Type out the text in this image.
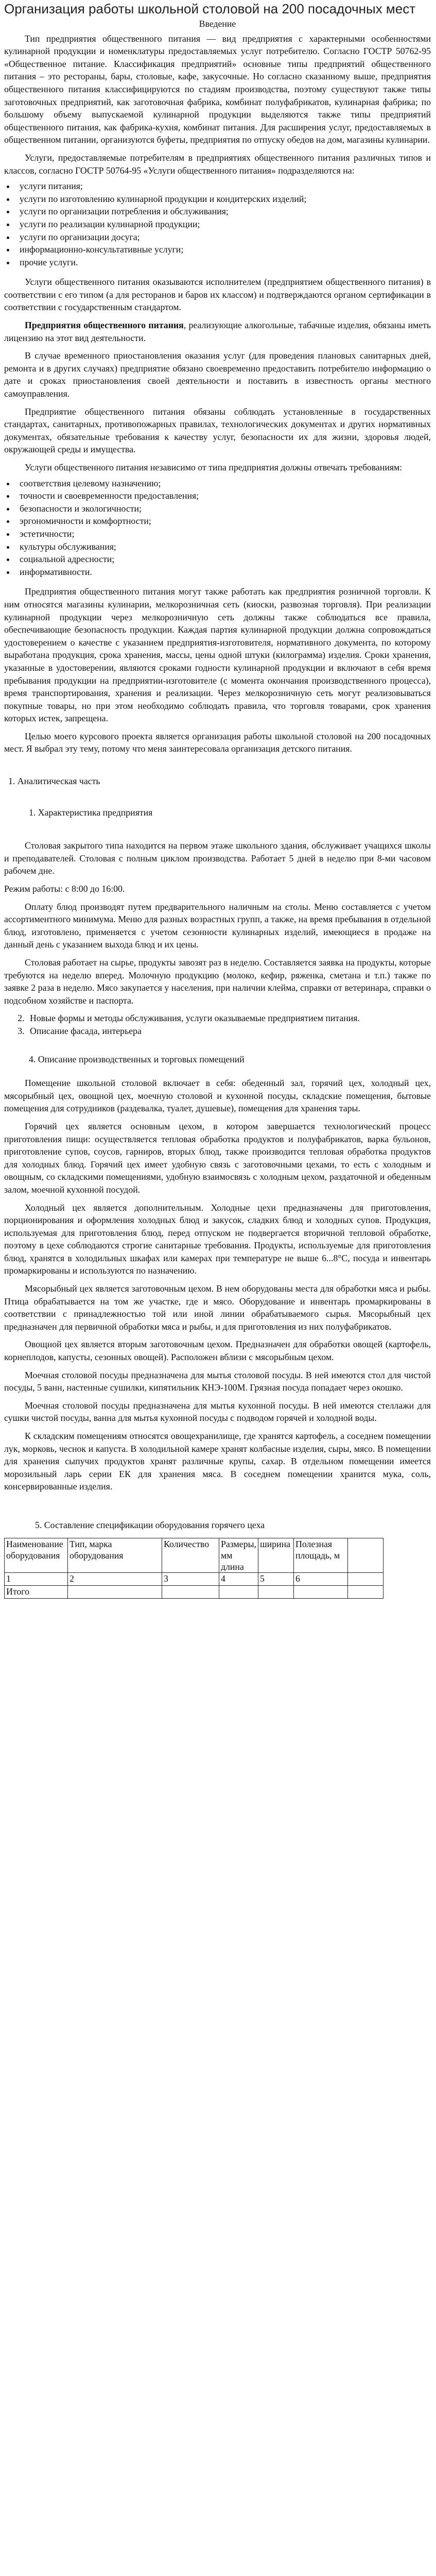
Организация работы школьной столовой на 200 посадочных мест
Введение

Тип предприятия общественного питания — вид предприятия с характерными особенностями кулинарной продукции и номенклатуры предоставляемых услуг потребителю. Согласно ГОСТР 50762-95 «Общественное питание. Классификация предприятий» основные типы предприятий общественного питания – это рестораны, бары, столовые, кафе, закусочные. Но согласно сказанному выше, предприятия общественного питания классифицируются по стадиям производства, поэтому существуют также типы заготовочных предприятий, как заготовочная фабрика, комбинат полуфабрикатов, кулинарная фабрика; по большому объему выпускаемой кулинарной продукции выделяются также типы предприятий общественного питания, как фабрика-кухня, комбинат питания. Для расширения услуг, предоставляемых в общественном питании, организуются буфеты, предприятия по отпуску обедов на дом, магазины кулинарии.

Услуги, предоставляемые потребителям в предприятиях общественного питания различных типов и классов, согласно ГОСТР 50764-95 «Услуги общественного питания» подразделяются на:

• услуги питания;
• услуги по изготовлению кулинарной продукции и кондитерских изделий;
• услуги по организации потребления и обслуживания;
• услуги по реализации кулинарной продукции;
• услуги по организации досуга;
• информационно-консультативные услуги;
• прочие услуги.

Услуги общественного питания оказываются исполнителем (предприятием общественного питания) в соответствии с его типом (а для ресторанов и баров их классом) и подтверждаются органом сертификации в соответствии с государственным стандартом.

Предприятия общественного питания, реализующие алкогольные, табачные изделия, обязаны иметь лицензию на этот вид деятельности.

В случае временного приостановления оказания услуг (для проведения плановых санитарных дней, ремонта и в других случаях) предприятие обязано своевременно предоставить потребителю информацию о дате и сроках приостановления своей деятельности и поставить в известность органы местного самоуправления.

Предприятие общественного питания обязаны соблюдать установленные в государственных стандартах, санитарных, противопожарных правилах, технологических документах и других нормативных документах, обязательные требования к качеству услуг, безопасности их для жизни, здоровья людей, окружающей среды и имущества.

Услуги общественного питания независимо от типа предприятия должны отвечать требованиям:

• соответствия целевому назначению;
• точности и своевременности предоставления;
• безопасности и экологичности;
• эргономичности и комфортности;
• эстетичности;
• культуры обслуживания;
• социальной адресности;
• информативности.

Предприятия общественного питания могут также работать как предприятия розничной торговли. К ним относятся магазины кулинарии, мелкорозничная сеть (киоски, развозная торговля). При реализации кулинарной продукции через мелкорозничную сеть должны также соблюдаться все правила, обеспечивающие безопасность продукции. Каждая партия кулинарной продукции должна сопровождаться удостоверением о качестве с указанием предприятия-изготовителя, нормативного документа, по которому выработана продукция, срока хранения, массы, цены одной штуки (килограмма) изделия. Сроки хранения, указанные в удостоверении, являются сроками годности кулинарной продукции и включают в себя время пребывания продукции на предприятии-изготовителе (с момента окончания производственного процесса), время транспортирования, хранения и реализации. Через мелкорозничную сеть могут реализовываться покупные товары, но при этом необходимо соблюдать правила, что торговля товарами, срок хранения которых истек, запрещена.

Целью моего курсового проекта является организация работы школьной столовой на 200 посадочных мест. Я выбрал эту тему, потому что меня заинтересовала организация детского питания.

1. Аналитическая часть
1. Характеристика предприятия

Столовая закрытого типа находится на первом этаже школьного здания, обслуживает учащихся школы и преподавателей. Столовая с полным циклом производства. Работает 5 дней в неделю при 8-ми часовом рабочем дне.

Режим работы: с 8:00 до 16:00.

Оплату блюд производят путем предварительного наличным на столы. Меню составляется с учетом ассортиментного минимума. Меню для разных возрастных групп, а также, на время пребывания в отдельной блюд, изготовлено, применяется с учетом сезонности кулинарных изделий, имеющиеся в продаже на данный день с указанием выхода блюд и их цены.

Столовая работает на сырье, продукты завозят раз в неделю. Составляется заявка на продукты, которые требуются на неделю вперед. Молочную продукцию (молоко, кефир, ряженка, сметана и т.п.) также по заявке 2 раза в неделю. Мясо закупается у населения, при наличии клейма, справки от ветеринара, справки о подсобном хозяйстве и паспорта.

2. Новые формы и методы обслуживания, услуги оказываемые предприятием питания.
3. Описание фасада, интерьера
4. Описание производственных и торговых помещений

Помещение школьной столовой включает в себя: обеденный зал, горячий цех, холодный цех, мясорыбный цех, овощной цех, моечную столовой и кухонной посуды, складские помещения, бытовые помещения для сотрудников (раздевалка, туалет, душевые), помещения для хранения тары.

Горячий цех является основным цехом, в котором завершается технологический процесс приготовления пищи: осуществляется тепловая обработка продуктов и полуфабрикатов, варка бульонов, приготовление супов, соусов, гарниров, вторых блюд, также производится тепловая обработка продуктов для холодных блюд. Горячий цех имеет удобную связь с заготовочными цехами, то есть с холодным и овощным, со складскими помещениями, удобную взаимосвязь с холодным цехом, раздаточной и обеденным залом, моечной кухонной посудой.

Холодный цех является дополнительным. Холодные цехи предназначены для приготовления, порционирования и оформления холодных блюд и закусок, сладких блюд и холодных супов. Продукция, используемая для приготовления блюд, перед отпуском не подвергается вторичной тепловой обработке, поэтому в цехе соблюдаются строгие санитарные требования. Продукты, используемые для приготовления блюд, хранятся в холодильных шкафах или камерах при температуре не выше 6...8°С, посуда и инвентарь промаркированы и используются по назначению.

Мясорыбный цех является заготовочным цехом. В нем оборудованы места для обработки мяса и рыбы. Птица обрабатывается на том же участке, где и мясо. Оборудование и инвентарь промаркированы в соответствии с принадлежностью той или иной линии обрабатываемого сырья. Мясорыбный цех предназначен для первичной обработки мяса и рыбы, и для приготовления из них полуфабрикатов.

Овощной цех является вторым заготовочным цехом. Предназначен для обработки овощей (картофель, корнеплодов, капусты, сезонных овощей). Расположен вблизи с мясорыбным цехом.

Моечная столовой посуды предназначена для мытья столовой посуды. В ней имеются стол для чистой посуды, 5 ванн, настенные сушилки, кипятильник КНЭ-100М. Грязная посуда попадает через окошко.

Моечная столовой посуды предназначена для мытья кухонной посуды. В ней имеются стеллажи для сушки чистой посуды, ванна для мытья кухонной посуды с подводом горячей и холодной воды.

К складским помещениям относятся овощехранилище, где хранятся картофель, а соседнем помещении лук, морковь, чеснок и капуста. В холодильной камере хранят колбасные изделия, сыры, мясо. В помещении для хранения сыпучих продуктов хранят различные крупы, сахар. В отдельном помещении имеется морозильный ларь серии ЕК для хранения мяса. В соседнем помещении хранится мука, соль, консервированные изделия.

5. Составление спецификации оборудования горячего цеха
Наименование оборудования	Тип, марка оборудования	Количество	Размеры, мм длина	ширина	Полезная площадь, м	
1	2	3	4	5	6	
Итого						
